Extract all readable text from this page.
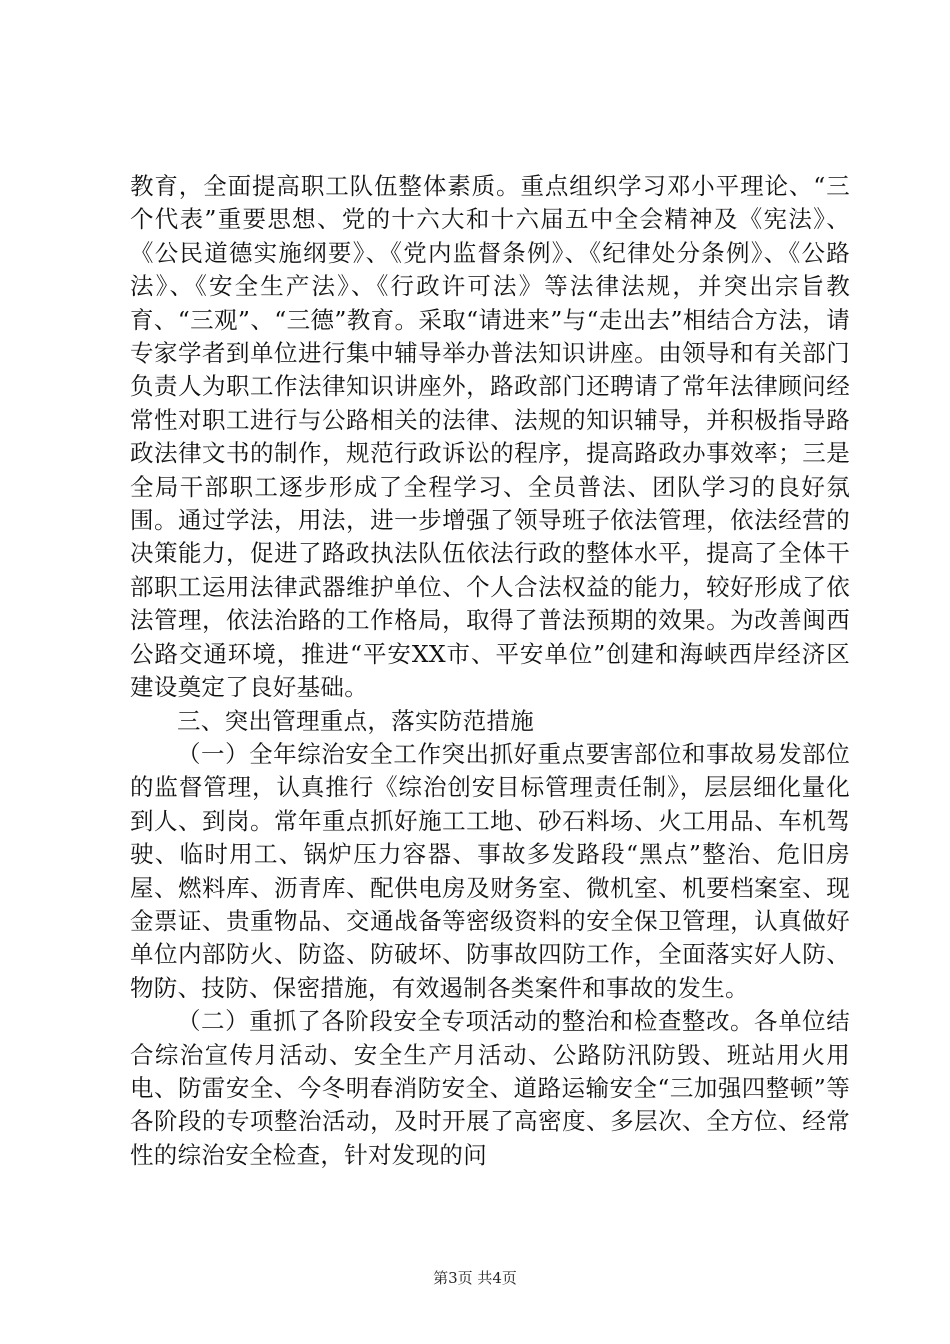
教育，全面提高职工队伍整体素质。重点组织学习邓小平理论、“三个代表”重要思想、党的十六大和十六届五中全会精神及《宪法》、《公民道德实施纲要》、《党内监督条例》、《纪律处分条例》、《公路法》、《安全生产法》、《行政许可法》等法律法规，并突出宗旨教育、“三观”、“三德”教育。采取“请进来”与“走出去”相结合方法，请专家学者到单位进行集中辅导举办普法知识讲座。由领导和有关部门负责人为职工作法律知识讲座外，路政部门还聘请了常年法律顾问经常性对职工进行与公路相关的法律、法规的知识辅导，并积极指导路政法律文书的制作，规范行政诉讼的程序，提高路政办事效率；三是全局干部职工逐步形成了全程学习、全员普法、团队学习的良好氛围。通过学法，用法，进一步增强了领导班子依法管理，依法经营的决策能力，促进了路政执法队伍依法行政的整体水平，提高了全体干部职工运用法律武器维护单位、个人合法权益的能力，较好形成了依法管理，依法治路的工作格局，取得了普法预期的效果。为改善闽西公路交通环境，推进“平安XX市、平安单位”创建和海峡西岸经济区建设奠定了良好基础。

三、突出管理重点，落实防范措施

（一）全年综治安全工作突出抓好重点要害部位和事故易发部位的监督管理，认真推行《综治创安目标管理责任制》，层层细化量化到人、到岗。常年重点抓好施工工地、砂石料场、火工用品、车机驾驶、临时用工、锅炉压力容器、事故多发路段“黑点”整治、危旧房屋、燃料库、沥青库、配供电房及财务室、微机室、机要档案室、现金票证、贵重物品、交通战备等密级资料的安全保卫管理，认真做好单位内部防火、防盗、防破坏、防事故四防工作，全面落实好人防、物防、技防、保密措施，有效遏制各类案件和事故的发生。

（二）重抓了各阶段安全专项活动的整治和检查整改。各单位结合综治宣传月活动、安全生产月活动、公路防汛防毁、班站用火用电、防雷安全、今冬明春消防安全、道路运输安全“三加强四整顿”等各阶段的专项整治活动，及时开展了高密度、多层次、全方位、经常性的综治安全检查，针对发现的问

第3页 共4页
